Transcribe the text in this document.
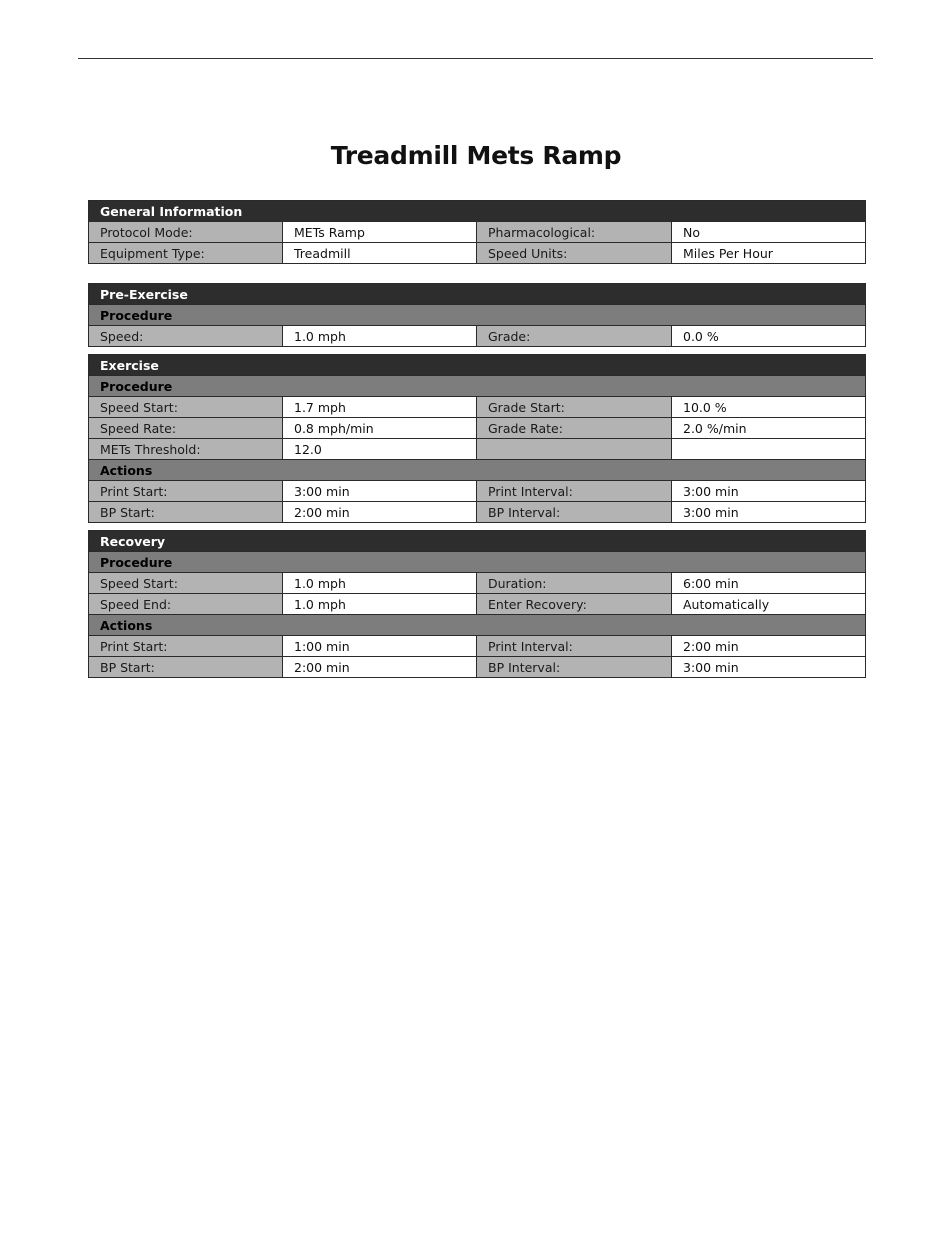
Treadmill Mets Ramp
General Information			
Protocol Mode:	METs Ramp	Pharmacological:	No
Equipment Type:	Treadmill	Speed Units:	Miles Per Hour
Pre-Exercise
Procedure
Speed:	1.0 mph	Grade:	0.0 %
Exercise			
Procedure			
Speed Start:	1.7 mph	Grade Start:	10.0 %
Speed Rate:	0.8 mph/min	Grade Rate:	2.0 %/min
METs Threshold:	12.0		
Actions			
Print Start:	3:00 min	Print Interval:	3:00 min
BP Start:	2:00 min	BP Interval:	3:00 min
Recovery			
Procedure			
Speed Start:	1.0 mph	Duration:	6:00 min
Speed End:	1.0 mph	Enter Recovery:	Automatically
Actions			
Print Start:	1:00 min	Print Interval:	2:00 min
BP Start:	2:00 min	BP Interval:	3:00 min
